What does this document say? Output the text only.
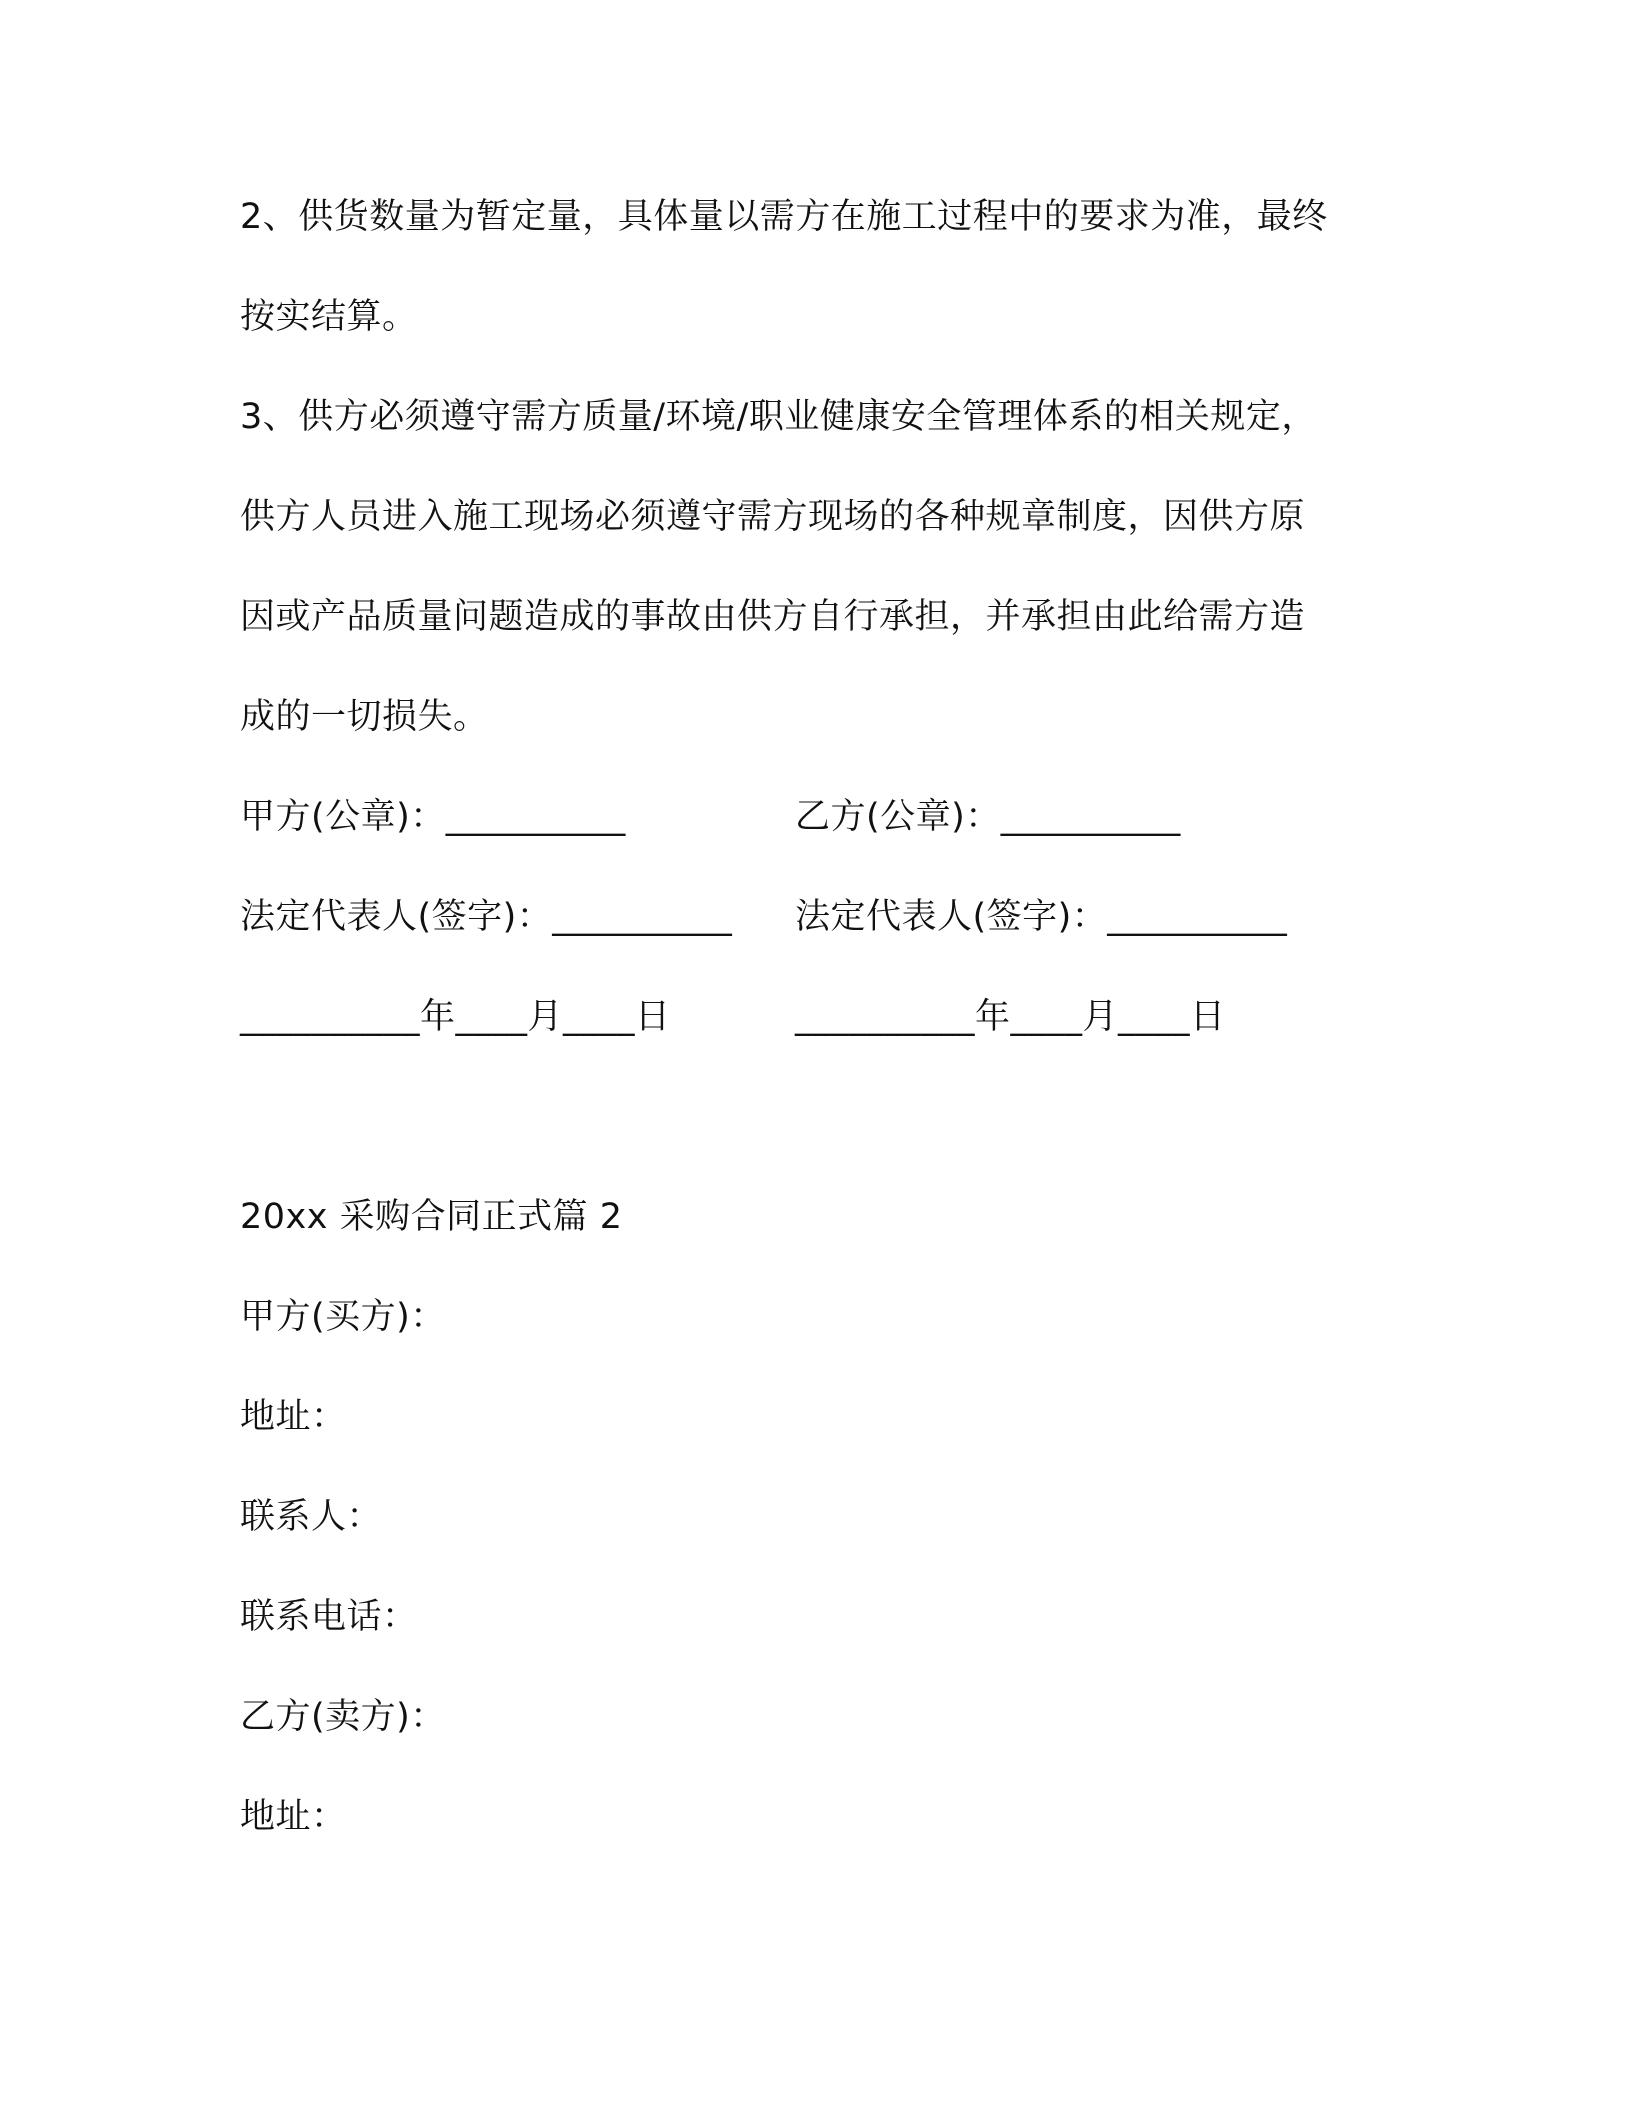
2、供货数量为暂定量，具体量以需方在施工过程中的要求为准，最终
按实结算。
3、供方必须遵守需方质量/环境/职业健康安全管理体系的相关规定，
供方人员进入施工现场必须遵守需方现场的各种规章制度，因供方原
因或产品质量问题造成的事故由供方自行承担，并承担由此给需方造
成的一切损失。
甲方(公章)：__________	乙方(公章)：__________
法定代表人(签字)：__________ 法定代表人(签字)：__________
__________年____月____日	__________年____月____日
20xx 采购合同正式篇 2
甲方(买方)：
地址：
联系人：
联系电话：
乙方(卖方)：
地址：
